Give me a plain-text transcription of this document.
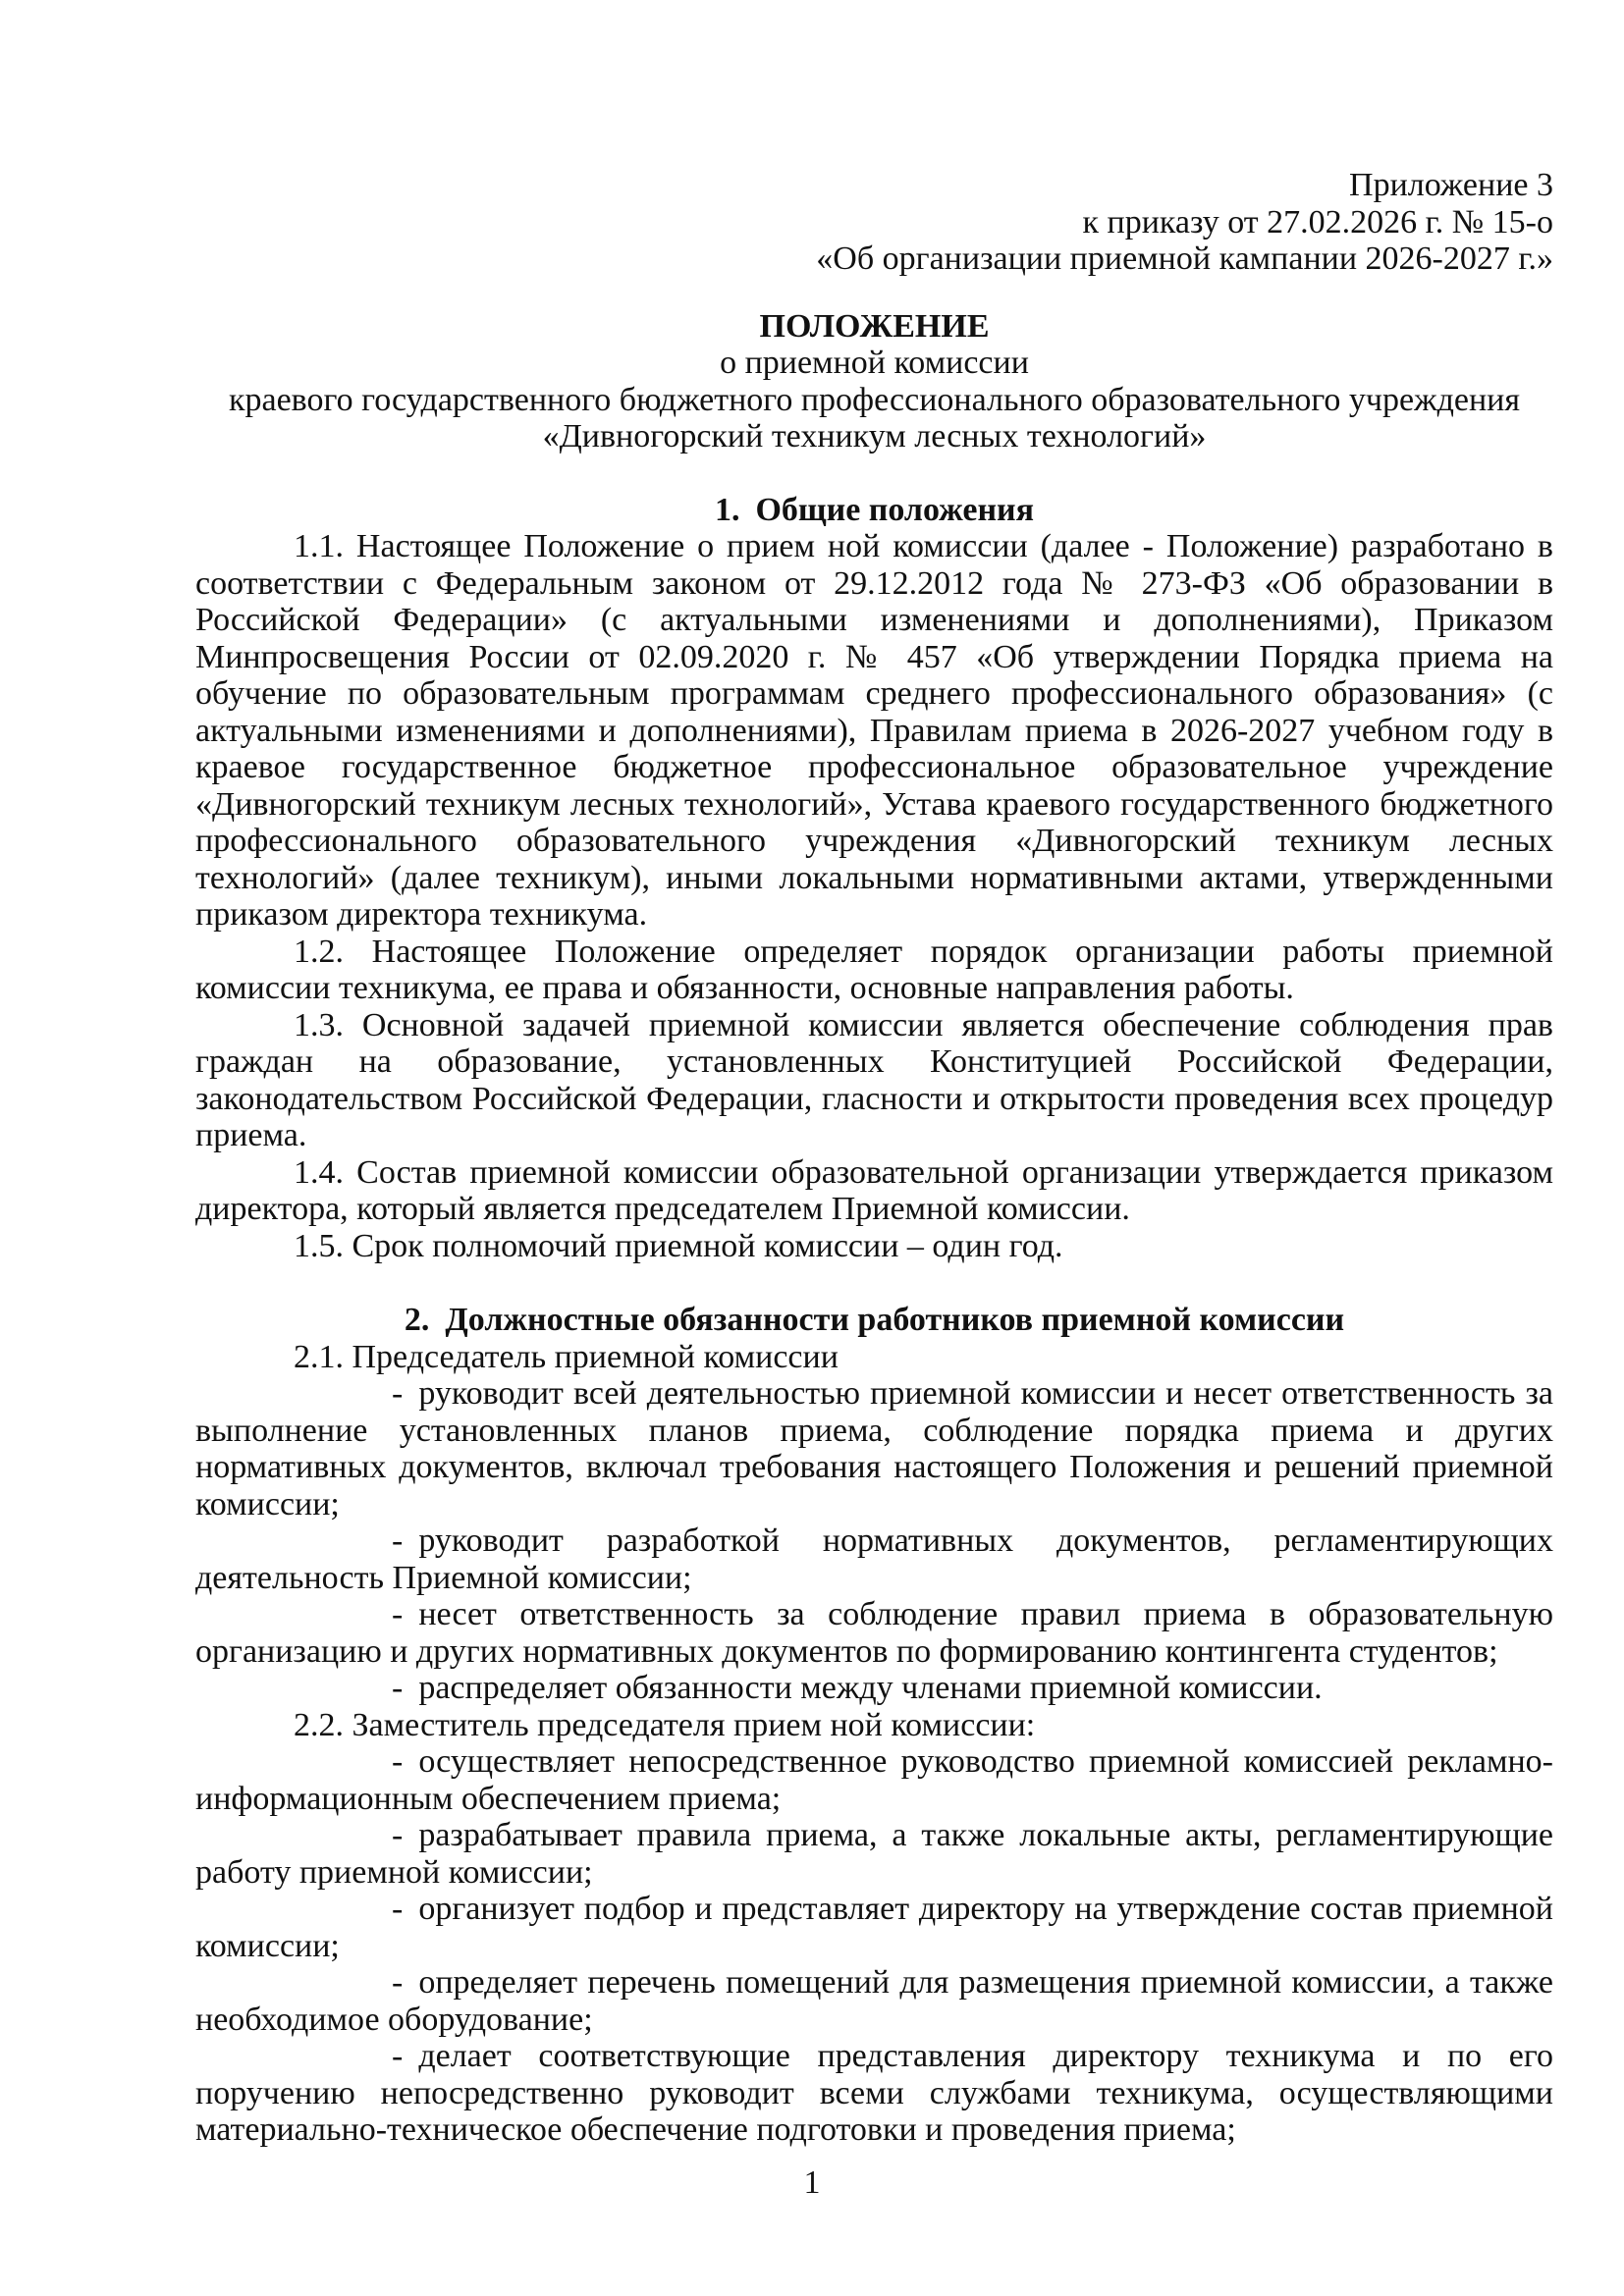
Приложение 3
к приказу от 27.02.2026 г. № 15-о
«Об организации приемной кампании 2026-2027 г.»
ПОЛОЖЕНИЕ
о приемной комиссии
краевого государственного бюджетного профессионального образовательного учреждения
«Дивногорский техникум лесных технологий»
1. Общие положения

1.1. Настоящее Положение о прием ной комиссии (далее - Положение) разработано в соответствии с Федеральным законом от 29.12.2012 года № 273-ФЗ «Об образовании в Российской Федерации» (с актуальными изменениями и дополнениями), Приказом Минпросвещения России от 02.09.2020 г. № 457 «Об утверждении Порядка приема на обучение по образовательным программам среднего профессионального образования» (с актуальными изменениями и дополнениями), Правилам приема в 2026-2027 учебном году в краевое государственное бюджетное профессиональное образовательное учреждение «Дивногорский техникум лесных технологий», Устава краевого государственного бюджетного профессионального образовательного учреждения «Дивногорский техникум лесных технологий» (далее техникум), иными локальными нормативными актами, утвержденными приказом директора техникума.

1.2. Настоящее Положение определяет порядок организации работы приемной комиссии техникума, ее права и обязанности, основные направления работы.

1.3. Основной задачей приемной комиссии является обеспечение соблюдения прав граждан на образование, установленных Конституцией Российской Федерации, законодательством Российской Федерации, гласности и открытости проведения всех процедур приема.

1.4. Состав приемной комиссии образовательной организации утверждается приказом директора, который является председателем Приемной комиссии.

1.5. Срок полномочий приемной комиссии – один год.

2. Должностные обязанности работников приемной комиссии

2.1. Председатель приемной комиссии

- руководит всей деятельностью приемной комиссии и несет ответственность за выполнение установленных планов приема, соблюдение порядка приема и других нормативных документов, включал требования настоящего Положения и решений приемной комиссии;

- руководит разработкой нормативных документов, регламентирующих деятельность Приемной комиссии;

- несет ответственность за соблюдение правил приема в образовательную организацию и других нормативных документов по формированию контингента студентов;

- распределяет обязанности между членами приемной комиссии.

2.2. Заместитель председателя прием ной комиссии:

- осуществляет непосредственное руководство приемной комиссией рекламно-информационным обеспечением приема;

- разрабатывает правила приема, а также локальные акты, регламентирующие работу приемной комиссии;

- организует подбор и представляет директору на утверждение состав приемной комиссии;

- определяет перечень помещений для размещения приемной комиссии, а также необходимое оборудование;

- делает соответствующие представления директору техникума и по его поручению непосредственно руководит всеми службами техникума, осуществляющими материально-техническое обеспечение подготовки и проведения приема;

1
